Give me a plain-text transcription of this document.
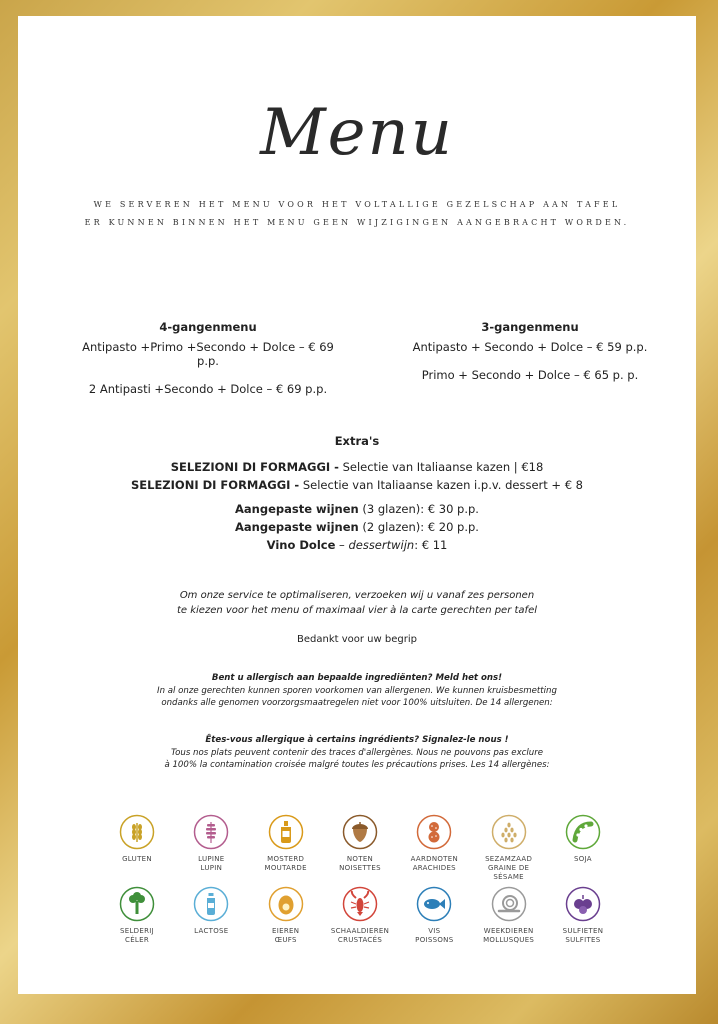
Menu
WE SERVEREN HET MENU VOOR HET VOLTALLIGE GEZELSCHAP AAN TAFEL
ER KUNNEN BINNEN HET MENU GEEN WIJZIGINGEN AANGEBRACHT WORDEN.
4-gangenmenu
Antipasto +Primo +Secondo + Dolce – € 69 p.p.
2 Antipasti +Secondo + Dolce – € 69 p.p.
3-gangenmenu
Antipasto + Secondo + Dolce – € 59 p.p.
Primo + Secondo + Dolce – € 65 p. p.
Extra's
SELEZIONI DI FORMAGGI - Selectie van Italiaanse kazen | €18
SELEZIONI DI FORMAGGI - Selectie van Italiaanse kazen i.p.v. dessert + € 8
Aangepaste wijnen (3 glazen): € 30 p.p.
Aangepaste wijnen (2 glazen): € 20 p.p.
Vino Dolce – dessertwijn: € 11
Om onze service te optimaliseren, verzoeken wij u vanaf zes personen
te kiezen voor het menu of maximaal vier à la carte gerechten per tafel
Bedankt voor uw begrip
Bent u allergisch aan bepaalde ingrediënten? Meld het ons!
In al onze gerechten kunnen sporen voorkomen van allergenen. We kunnen kruisbesmetting
ondanks alle genomen voorzorgsmaatregelen niet voor 100% uitsluiten. De 14 allergenen:
Êtes-vous allergique à certains ingrédients? Signalez-le nous !
Tous nos plats peuvent contenir des traces d'allergènes. Nous ne pouvons pas exclure
à 100% la contamination croisée malgré toutes les précautions prises. Les 14 allergènes:
GLUTEN	LUPINE
LUPIN
MOSTERD
MOUTARDE
NOTEN
NOISETTES
AARDNOTEN
ARACHIDES
SEZAMZAAD
GRAINE DE SÉSAME
SOJA
SELDERIJ
CÉLER
LACTOSE	EIEREN
ŒUFS
SCHAALDIEREN
CRUSTACÉS
VIS
POISSONS
WEEKDIEREN
MOLLUSQUES
SULFIETEN
SULFITES
